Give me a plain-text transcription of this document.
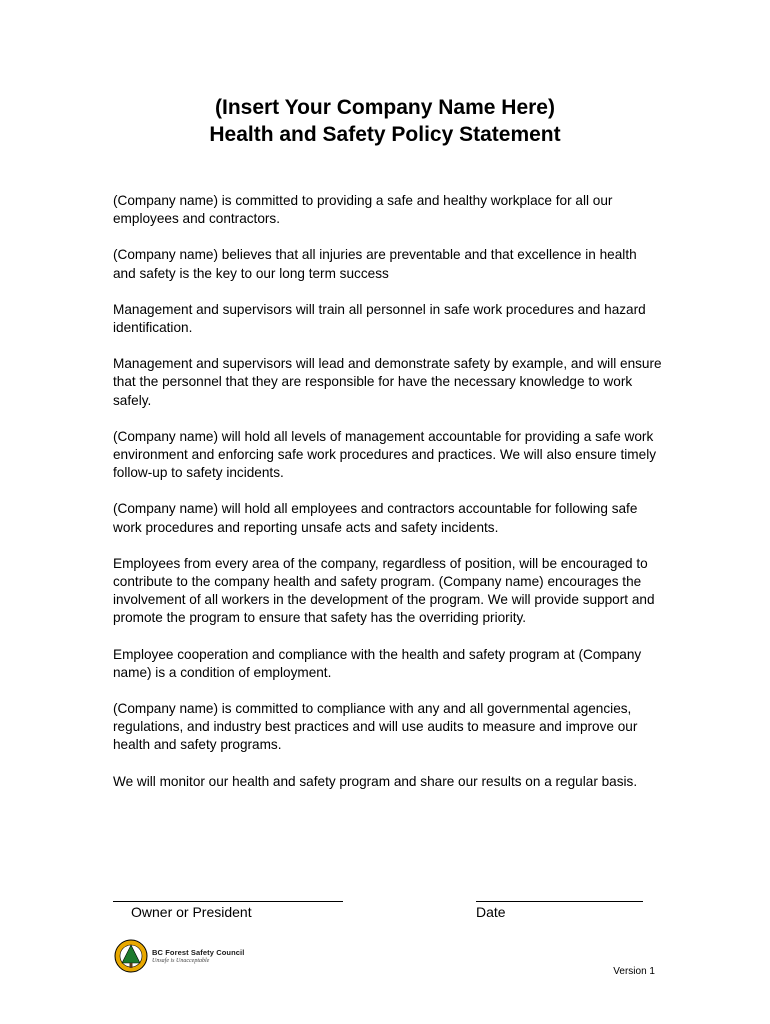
(Insert Your Company Name Here)
Health and Safety Policy Statement

(Company name) is committed to providing a safe and healthy workplace for all our employees and contractors.

(Company name) believes that all injuries are preventable and that excellence in health and safety is the key to our long term success

Management and supervisors will train all personnel in safe work procedures and hazard identification.

Management and supervisors will lead and demonstrate safety by example, and will ensure that the personnel that they are responsible for have the necessary knowledge to work safely.

(Company name) will hold all levels of management accountable for providing a safe work environment and enforcing safe work procedures and practices. We will also ensure timely follow-up to safety incidents.

(Company name) will hold all employees and contractors accountable for following safe work procedures and reporting unsafe acts and safety incidents.

Employees from every area of the company, regardless of position, will be encouraged to contribute to the company health and safety program. (Company name) encourages the involvement of all workers in the development of the program. We will provide support and promote the program to ensure that safety has the overriding priority.

Employee cooperation and compliance with the health and safety program at (Company name) is a condition of employment.

(Company name) is committed to compliance with any and all governmental agencies, regulations, and industry best practices and will use audits to measure and improve our health and safety programs.

We will monitor our health and safety program and share our results on a regular basis.

Owner or President	Date
BC Forest Safety Council
Unsafe is Unacceptable
Version 1
